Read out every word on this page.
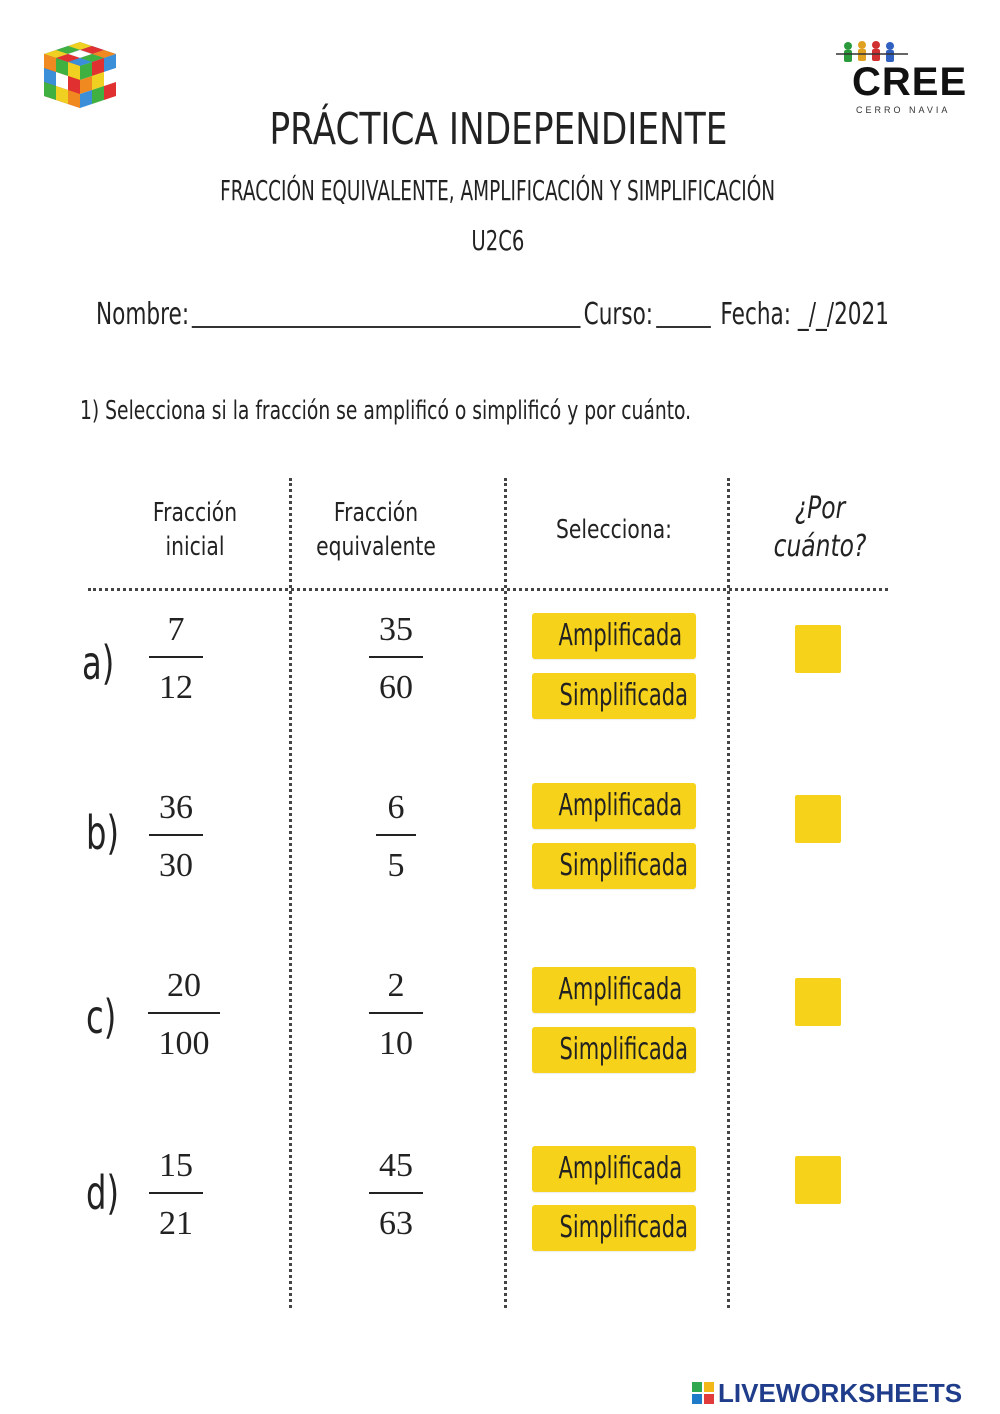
CREE
CERRO NAVIA
PRÁCTICA INDEPENDIENTE
FRACCIÓN EQUIVALENTE, AMPLIFICACIÓN Y SIMPLIFICACIÓN
U2C6
Nombre:	Curso: Fecha: _/_/2021
1) Selecciona si la fracción se amplificó o simplificó y por cuánto.
Fracción
inicial
Fracción
equivalente
Selecciona:
¿Por
cuánto?
a)
7
12
35
60
Amplificada
Simplificada
b)	36
30
6
5
Amplificada
Simplificada
c)
20
100
2
10
Amplificada
Simplificada
d)
15
21
45
63
Amplificada
Simplificada
LIVEWORKSHEETS
